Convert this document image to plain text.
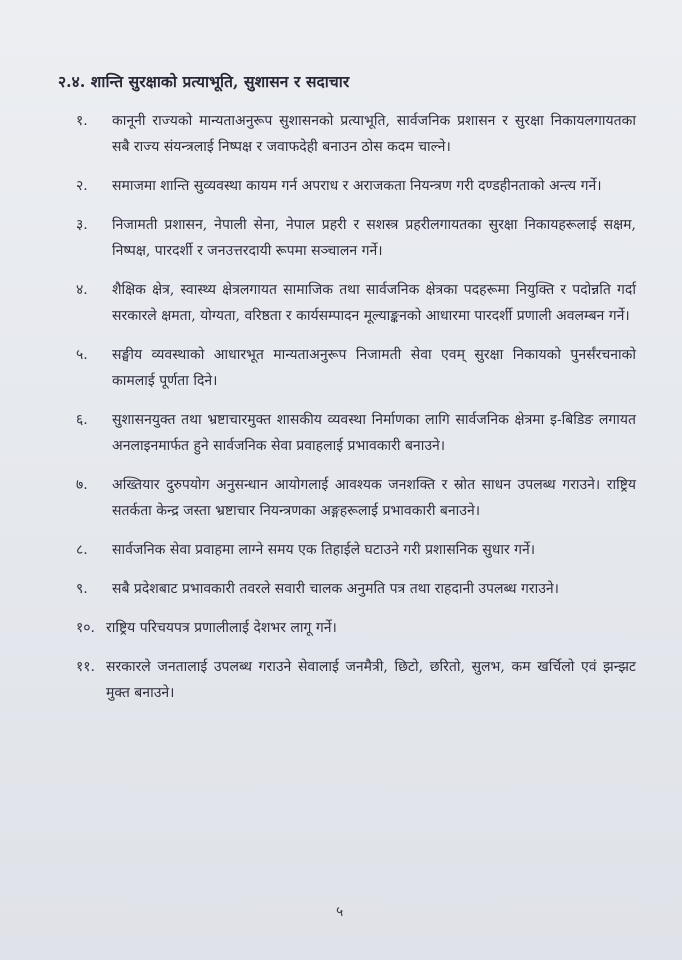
२.४. शान्ति सुरक्षाको प्रत्याभूति, सुशासन र सदाचार
१.	कानूनी राज्यको मान्यताअनुरूप सुशासनको प्रत्याभूति, सार्वजनिक प्रशासन र सुरक्षा निकायलगायतका सबै राज्य संयन्त्रलाई निष्पक्ष र जवाफदेही बनाउन ठोस कदम चाल्ने।
२.	समाजमा शान्ति सुव्यवस्था कायम गर्न अपराध र अराजकता नियन्त्रण गरी दण्डहीनताको अन्त्य गर्ने।
३.	निजामती प्रशासन, नेपाली सेना, नेपाल प्रहरी र सशस्त्र प्रहरीलगायतका सुरक्षा निकायहरूलाई सक्षम, निष्पक्ष, पारदर्शी र जनउत्तरदायी रूपमा सञ्चालन गर्ने।
४.	शैक्षिक क्षेत्र, स्वास्थ्य क्षेत्रलगायत सामाजिक तथा सार्वजनिक क्षेत्रका पदहरूमा नियुक्ति र पदोन्नति गर्दा सरकारले क्षमता, योग्यता, वरिष्ठता र कार्यसम्पादन मूल्याङ्कनको आधारमा पारदर्शी प्रणाली अवलम्बन गर्ने।
५.	सङ्घीय व्यवस्थाको आधारभूत मान्यताअनुरूप निजामती सेवा एवम् सुरक्षा निकायको पुनर्संरचनाको कामलाई पूर्णता दिने।
६.	सुशासनयुक्त तथा भ्रष्टाचारमुक्त शासकीय व्यवस्था निर्माणका लागि सार्वजनिक क्षेत्रमा इ-बिडिङ लगायत अनलाइनमार्फत हुने सार्वजनिक सेवा प्रवाहलाई प्रभावकारी बनाउने।
७.	अख्तियार दुरुपयोग अनुसन्धान आयोगलाई आवश्यक जनशक्ति र स्रोत साधन उपलब्ध गराउने। राष्ट्रिय सतर्कता केन्द्र जस्ता भ्रष्टाचार नियन्त्रणका अङ्गहरूलाई प्रभावकारी बनाउने।
८.	सार्वजनिक सेवा प्रवाहमा लाग्ने समय एक तिहाईले घटाउने गरी प्रशासनिक सुधार गर्ने।
९.	सबै प्रदेशबाट प्रभावकारी तवरले सवारी चालक अनुमति पत्र तथा राहदानी उपलब्ध गराउने।
१०. राष्ट्रिय परिचयपत्र प्रणालीलाई देशभर लागू गर्ने।
११. सरकारले जनतालाई उपलब्ध गराउने सेवालाई जनमैत्री, छिटो, छरितो, सुलभ, कम खर्चिलो एवं झन्झट मुक्त बनाउने।
५
